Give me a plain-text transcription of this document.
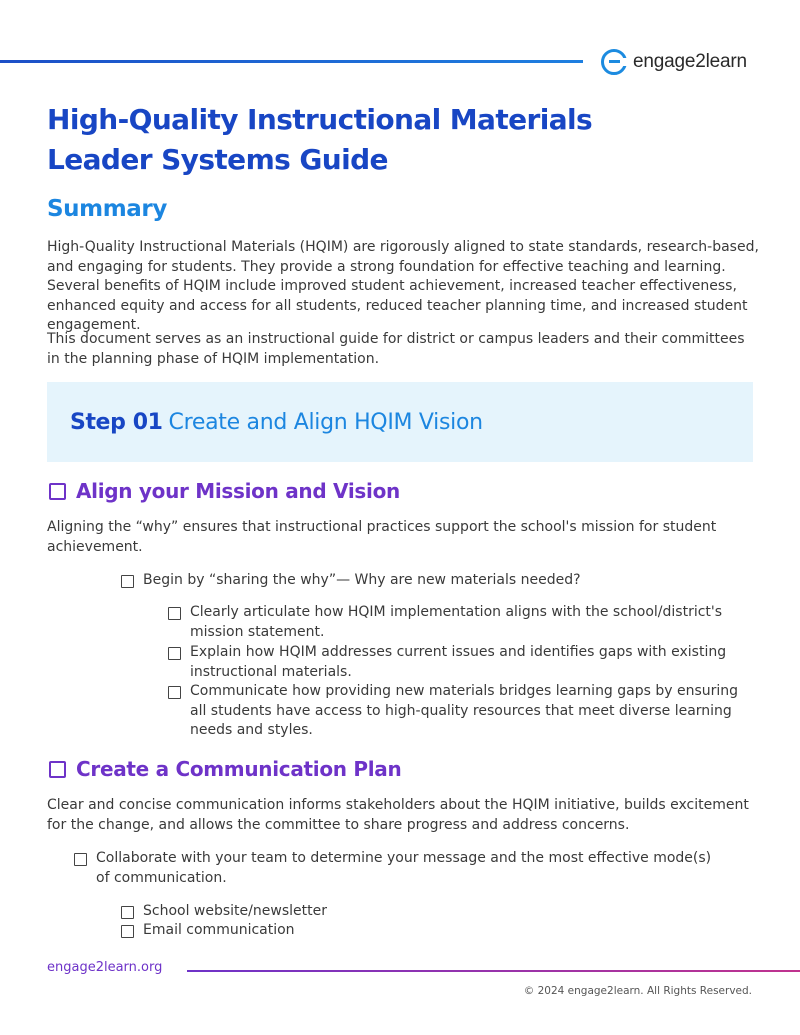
engage2learn
High-Quality Instructional Materials
Leader Systems Guide
Summary

High-Quality Instructional Materials (HQIM) are rigorously aligned to state standards, research-based, and engaging for students. They provide a strong foundation for effective teaching and learning. Several benefits of HQIM include improved student achievement, increased teacher effectiveness, enhanced equity and access for all students, reduced teacher planning time, and increased student engagement.

This document serves as an instructional guide for district or campus leaders and their committees in the planning phase of HQIM implementation.

Step 01 Create and Align HQIM Vision
Align your Mission and Vision

Aligning the “why” ensures that instructional practices support the school's mission for student achievement.

Begin by “sharing the why”— Why are new materials needed?
Clearly articulate how HQIM implementation aligns with the school/district's mission statement.
Explain how HQIM addresses current issues and identifies gaps with existing instructional materials.
Communicate how providing new materials bridges learning gaps by ensuring all students have access to high-quality resources that meet diverse learning needs and styles.
Create a Communication Plan

Clear and concise communication informs stakeholders about the HQIM initiative, builds excitement for the change, and allows the committee to share progress and address concerns.

Collaborate with your team to determine your message and the most effective mode(s) of communication.
School website/newsletter
Email communication
engage2learn.org
© 2024 engage2learn. All Rights Reserved.
